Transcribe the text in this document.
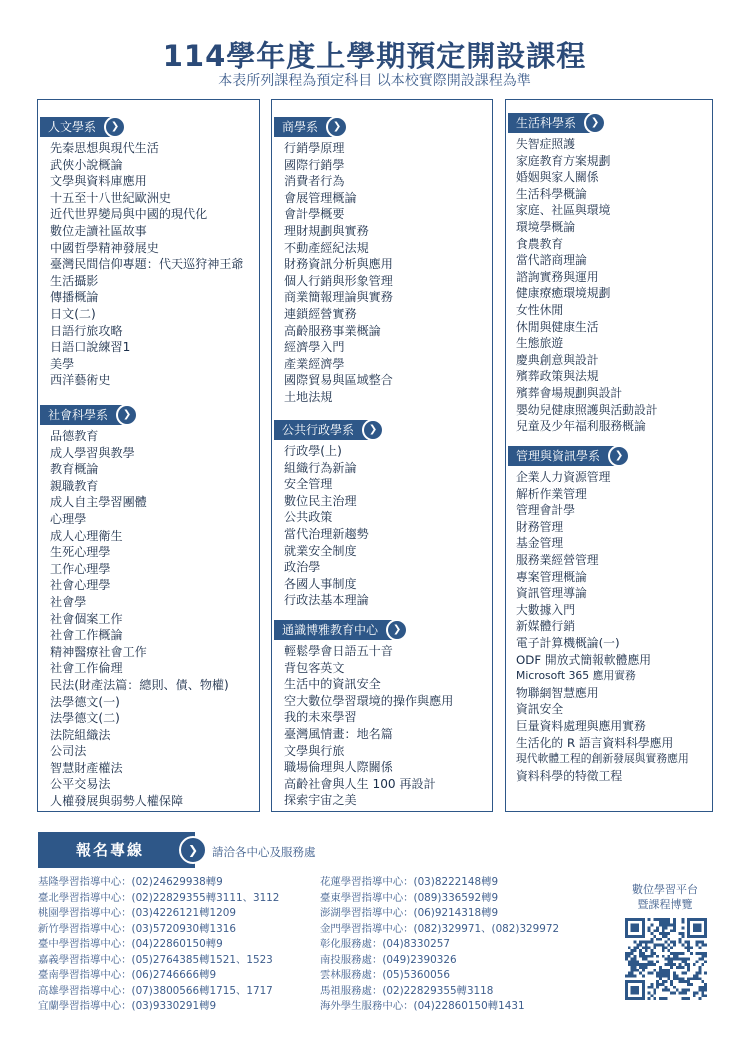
114學年度上學期預定開設課程
本表所列課程為預定科目 以本校實際開設課程為準
人文學系	❯
先秦思想與現代生活
武俠小說概論
文學與資料庫應用
十五至十八世紀歐洲史
近代世界變局與中國的現代化
數位走讀社區故事
中國哲學精神發展史
臺灣民間信仰專題：代天巡狩神王爺
生活攝影
傳播概論
日文(二)
日語行旅攻略
日語口說練習1
美學
西洋藝術史
社會科學系	❯
品德教育
成人學習與教學
教育概論
親職教育
成人自主學習團體
心理學
成人心理衛生
生死心理學
工作心理學
社會心理學
社會學
社會個案工作
社會工作概論
精神醫療社會工作
社會工作倫理
民法(財產法篇：總則、債、物權)
法學德文(一)
法學德文(二)
法院組織法
公司法
智慧財產權法
公平交易法
人權發展與弱勢人權保障
商學系	❯
行銷學原理
國際行銷學
消費者行為
會展管理概論
會計學概要
理財規劃與實務
不動產經紀法規
財務資訊分析與應用
個人行銷與形象管理
商業簡報理論與實務
連鎖經營實務
高齡服務事業概論
經濟學入門
產業經濟學
國際貿易與區域整合
土地法規
公共行政學系	❯
行政學(上)
組織行為新論
安全管理
數位民主治理
公共政策
當代治理新趨勢
就業安全制度
政治學
各國人事制度
行政法基本理論
通識博雅教育中心	❯
輕鬆學會日語五十音
背包客英文
生活中的資訊安全
空大數位學習環境的操作與應用
我的未來學習
臺灣風情畫：地名篇
文學與行旅
職場倫理與人際關係
高齡社會與人生 100 再設計
探索宇宙之美
生活科學系	❯
失智症照護
家庭教育方案規劃
婚姻與家人關係
生活科學概論
家庭、社區與環境
環境學概論
食農教育
當代諮商理論
諮詢實務與運用
健康療癒環境規劃
女性休閒
休閒與健康生活
生態旅遊
慶典創意與設計
殯葬政策與法規
殯葬會場規劃與設計
嬰幼兒健康照護與活動設計
兒童及少年福利服務概論
管理與資訊學系	❯
企業人力資源管理
解析作業管理
管理會計學
財務管理
基金管理
服務業經營管理
專案管理概論
資訊管理導論
大數據入門
新媒體行銷
電子計算機概論(一)
ODF 開放式簡報軟體應用
Microsoft 365 應用實務
物聯網智慧應用
資訊安全
巨量資料處理與應用實務
生活化的 R 語言資料科學應用
現代軟體工程的創新發展與實務應用
資料科學的特徵工程
報名專線	❯	請洽各中心及服務處
基隆學習指導中心：(02)24629938轉9
臺北學習指導中心：(02)22829355轉3111、3112
桃園學習指導中心：(03)4226121轉1209
新竹學習指導中心：(03)5720930轉1316
臺中學習指導中心：(04)22860150轉9
嘉義學習指導中心：(05)2764385轉1521、1523
臺南學習指導中心：(06)2746666轉9
高雄學習指導中心：(07)3800566轉1715、1717
宜蘭學習指導中心：(03)9330291轉9
花蓮學習指導中心：(03)8222148轉9
臺東學習指導中心：(089)336592轉9
澎湖學習指導中心：(06)9214318轉9
金門學習指導中心：(082)329971、(082)329972
彰化服務處：(04)8330257
南投服務處：(049)2390326
雲林服務處：(05)5360056
馬祖服務處：(02)22829355轉3118
海外學生服務中心：(04)22860150轉1431
數位學習平台
暨課程博覽
